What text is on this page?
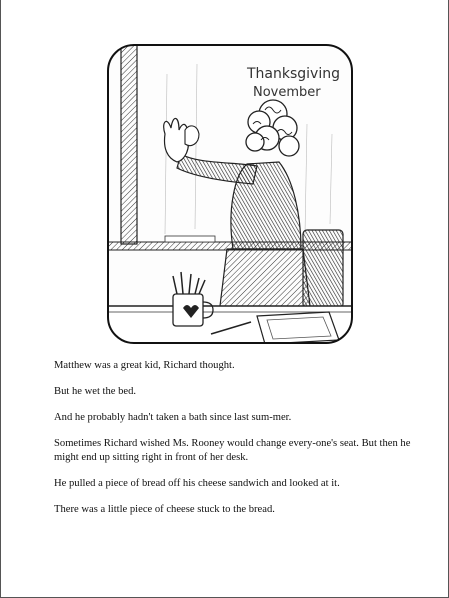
Thanksgiving
November

Matthew was a great kid, Richard thought.

But he wet the bed.

And he probably hadn't taken a bath since last sum-mer.

Sometimes Richard wished Ms. Rooney would change every-one's seat. But then he might end up sitting right in front of her desk.

He pulled a piece of bread off his cheese sandwich and looked at it.

There was a little piece of cheese stuck to the bread.
